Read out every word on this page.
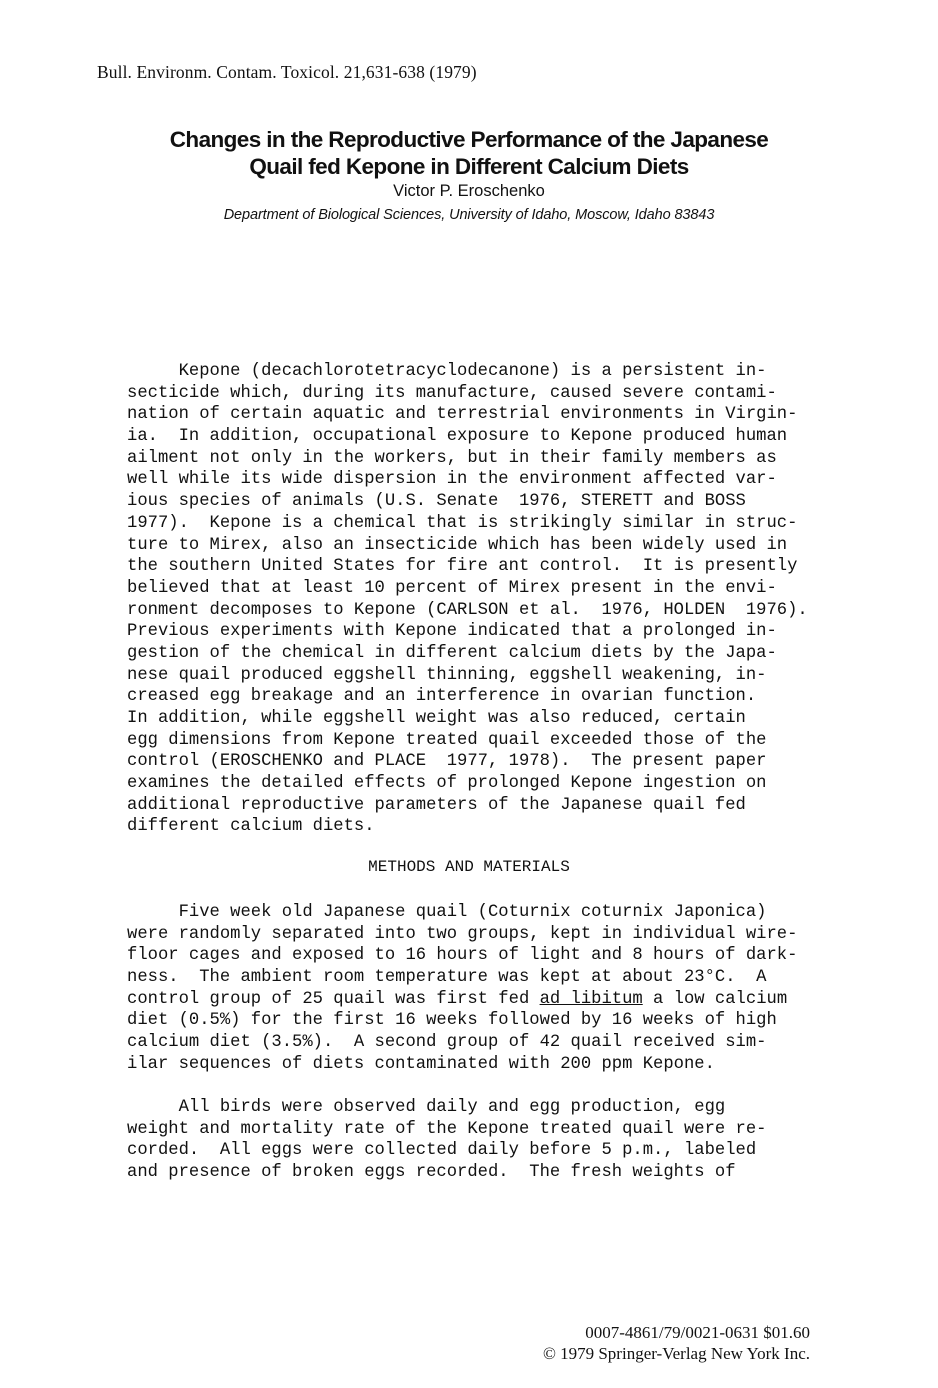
Bull. Environm. Contam. Toxicol. 21,631-638 (1979)
Changes in the Reproductive Performance of the Japanese
Quail fed Kepone in Different Calcium Diets
Victor P. Eroschenko
Department of Biological Sciences, University of Idaho, Moscow, Idaho 83843
Kepone (decachlorotetracyclodecanone) is a persistent in-
secticide which, during its manufacture, caused severe contami-
nation of certain aquatic and terrestrial environments in Virgin-
ia.  In addition, occupational exposure to Kepone produced human
ailment not only in the workers, but in their family members as
well while its wide dispersion in the environment affected var-
ious species of animals (U.S. Senate  1976, STERETT and BOSS
1977).  Kepone is a chemical that is strikingly similar in struc-
ture to Mirex, also an insecticide which has been widely used in
the southern United States for fire ant control.  It is presently
believed that at least 10 percent of Mirex present in the envi-
ronment decomposes to Kepone (CARLSON et al.  1976, HOLDEN  1976).
Previous experiments with Kepone indicated that a prolonged in-
gestion of the chemical in different calcium diets by the Japa-
nese quail produced eggshell thinning, eggshell weakening, in-
creased egg breakage and an interference in ovarian function.
In addition, while eggshell weight was also reduced, certain
egg dimensions from Kepone treated quail exceeded those of the
control (EROSCHENKO and PLACE  1977, 1978).  The present paper
examines the detailed effects of prolonged Kepone ingestion on
additional reproductive parameters of the Japanese quail fed
different calcium diets.
METHODS AND MATERIALS
Five week old Japanese quail (Coturnix coturnix Japonica)
were randomly separated into two groups, kept in individual wire-
floor cages and exposed to 16 hours of light and 8 hours of dark-
ness.  The ambient room temperature was kept at about 23°C.  A
control group of 25 quail was first fed ad libitum a low calcium
diet (0.5%) for the first 16 weeks followed by 16 weeks of high
calcium diet (3.5%).  A second group of 42 quail received sim-
ilar sequences of diets contaminated with 200 ppm Kepone.
All birds were observed daily and egg production, egg
weight and mortality rate of the Kepone treated quail were re-
corded.  All eggs were collected daily before 5 p.m., labeled
and presence of broken eggs recorded.  The fresh weights of
0007-4861/79/0021-0631 $01.60
© 1979 Springer-Verlag New York Inc.
